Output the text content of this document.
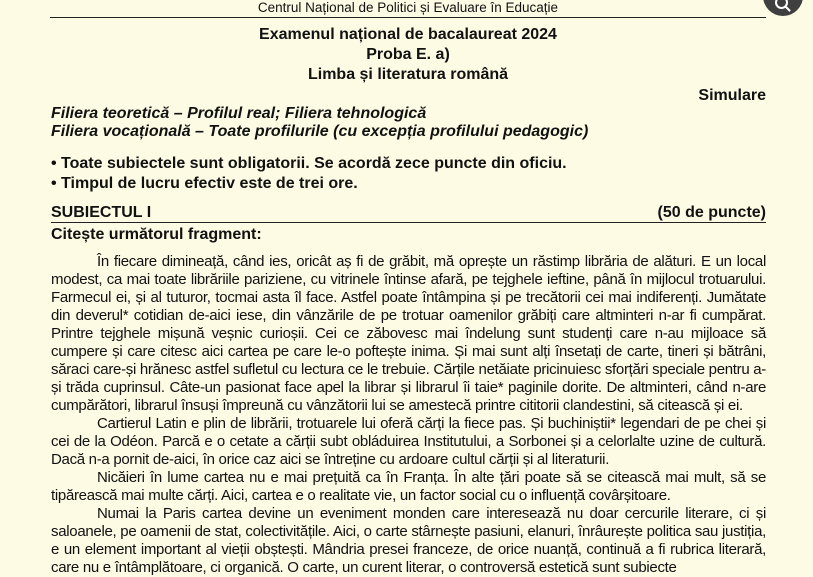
Centrul Național de Politici și Evaluare în Educație
Examenul național de bacalaureat 2024
Proba E. a)
Limba și literatura română
Simulare
Filiera teoretică – Profilul real; Filiera tehnologică
Filiera vocațională – Toate profilurile (cu excepția profilului pedagogic)
• Toate subiectele sunt obligatorii. Se acordă zece puncte din oficiu.
• Timpul de lucru efectiv este de trei ore.
SUBIECTUL I	(50 de puncte)
Citește următorul fragment:

În fiecare dimineață, când ies, oricât aș fi de grăbit, mă oprește un răstimp librăria de alături. E un local modest, ca mai toate librăriile pariziene, cu vitrinele întinse afară, pe tejghele ieftine, până în mijlocul trotuarului. Farmecul ei, și al tuturor, tocmai asta îl face. Astfel poate întâmpina și pe trecătorii cei mai indiferenți. Jumătate din deverul* cotidian de-aici iese, din vânzările de pe trotuar oamenilor grăbiți care altminteri n-ar fi cumpărat. Printre tejghele mișună veșnic curioșii. Cei ce zăbovesc mai îndelung sunt studenți care n-au mijloace să cumpere și care citesc aici cartea pe care le-o poftește inima. Și mai sunt alți însetați de carte, tineri și bătrâni, săraci care-și hrănesc astfel sufletul cu lectura ce le trebuie. Cărțile netăiate pricinuiesc sforțări speciale pentru a-și trăda cuprinsul. Câte-un pasionat face apel la librar și librarul îi taie* paginile dorite. De altminteri, când n-are cumpărători, librarul însuși împreună cu vânzătorii lui se amestecă printre cititorii clandestini, să citească și ei.

Cartierul Latin e plin de librării, trotuarele lui oferă cărți la fiece pas. Și buchiniștii* legendari de pe chei și cei de la Odéon. Parcă e o cetate a cărții subt obláduirea Institutului, a Sorbonei și a celorlalte uzine de cultură. Dacă n-a pornit de-aici, în orice caz aici se întreține cu ardoare cultul cărții și al literaturii.

Nicăieri în lume cartea nu e mai prețuită ca în Franța. În alte țări poate să se citească mai mult, să se tipărească mai multe cărți. Aici, cartea e o realitate vie, un factor social cu o influență covârșitoare.

Numai la Paris cartea devine un eveniment monden care interesează nu doar cercurile literare, ci și saloanele, pe oamenii de stat, colectivitățile. Aici, o carte stârnește pasiuni, elanuri, înrâurește politica sau justiția, e un element important al vieții obștești. Mândria presei franceze, de orice nuanță, continuă a fi rubrica literară, care nu e întâmplătoare, ci organică. O carte, un curent literar, o controversă estetică sunt subiecte
